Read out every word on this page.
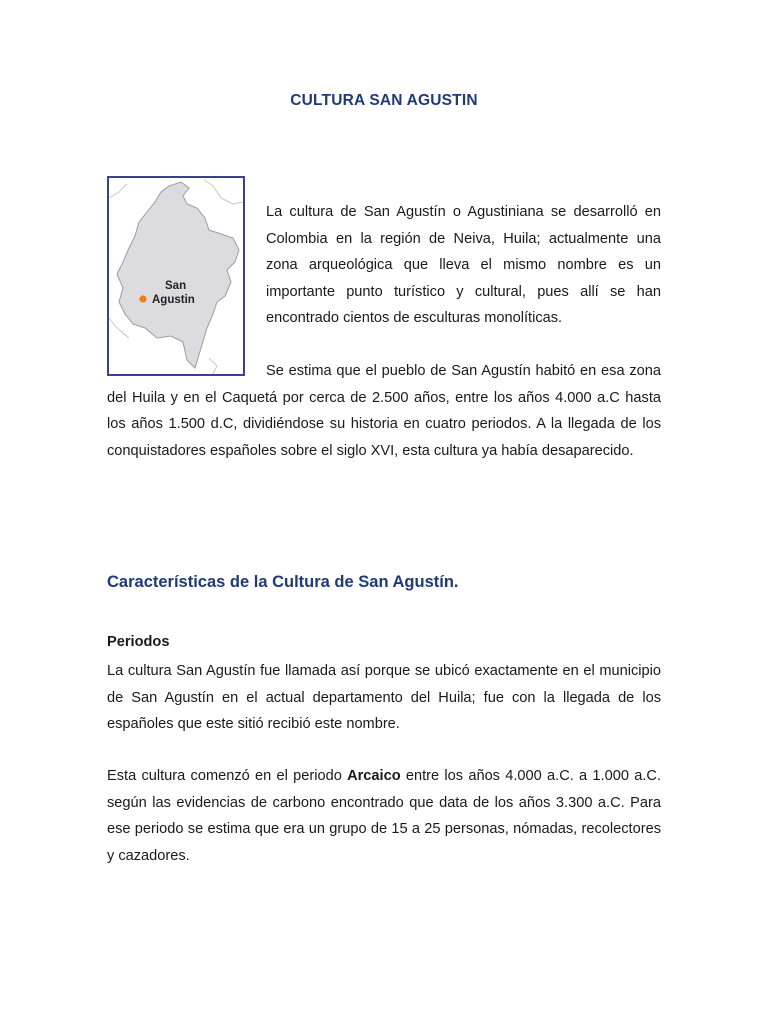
CULTURA SAN AGUSTIN
San
Agustin

La cultura de San Agustín o Agustiniana se desarrolló en Colombia en la región de Neiva, Huila; actualmente una zona arqueológica que lleva el mismo nombre es un importante punto turístico y cultural, pues allí se han encontrado cientos de esculturas monolíticas.

Se estima que el pueblo de San Agustín habitó en esa zona del Huila y en el Caquetá por cerca de 2.500 años, entre los años 4.000 a.C hasta los años 1.500 d.C, dividiéndose su historia en cuatro periodos. A la llegada de los conquistadores españoles sobre el siglo XVI, esta cultura ya había desaparecido.

Características de la Cultura de San Agustín.
Periodos

La cultura San Agustín fue llamada así porque se ubicó exactamente en el municipio de San Agustín en el actual departamento del Huila; fue con la llegada de los españoles que este sitió recibió este nombre.

Esta cultura comenzó en el periodo Arcaico entre los años 4.000 a.C. a 1.000 a.C. según las evidencias de carbono encontrado que data de los años 3.300 a.C. Para ese periodo se estima que era un grupo de 15 a 25 personas, nómadas, recolectores y cazadores.
